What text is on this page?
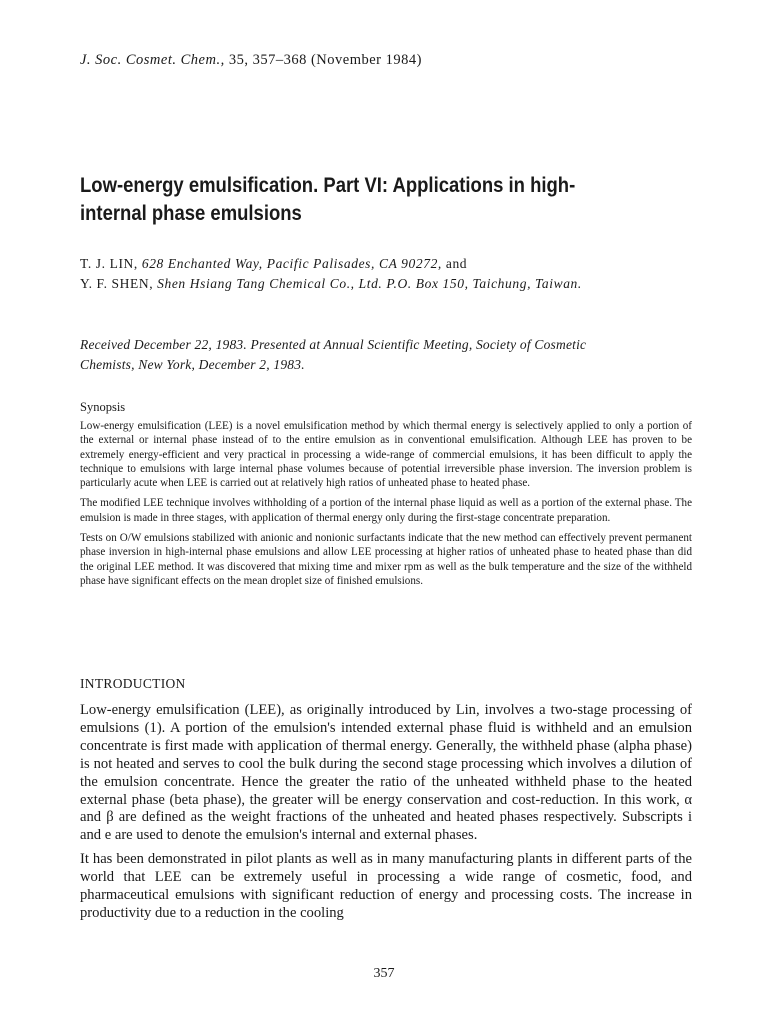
J. Soc. Cosmet. Chem., 35, 357–368 (November 1984)
Low-energy emulsification. Part VI: Applications in high-internal phase emulsions
T. J. LIN, 628 Enchanted Way, Pacific Palisades, CA 90272, and
Y. F. SHEN, Shen Hsiang Tang Chemical Co., Ltd. P.O. Box 150, Taichung, Taiwan.
Received December 22, 1983. Presented at Annual Scientific Meeting, Society of Cosmetic Chemists, New York, December 2, 1983.
Synopsis

Low-energy emulsification (LEE) is a novel emulsification method by which thermal energy is selectively applied to only a portion of the external or internal phase instead of to the entire emulsion as in conventional emulsification. Although LEE has proven to be extremely energy-efficient and very practical in processing a wide-range of commercial emulsions, it has been difficult to apply the technique to emulsions with large internal phase volumes because of potential irreversible phase inversion. The inversion problem is particularly acute when LEE is carried out at relatively high ratios of unheated phase to heated phase.

The modified LEE technique involves withholding of a portion of the internal phase liquid as well as a portion of the external phase. The emulsion is made in three stages, with application of thermal energy only during the first-stage concentrate preparation.

Tests on O/W emulsions stabilized with anionic and nonionic surfactants indicate that the new method can effectively prevent permanent phase inversion in high-internal phase emulsions and allow LEE processing at higher ratios of unheated phase to heated phase than did the original LEE method. It was discovered that mixing time and mixer rpm as well as the bulk temperature and the size of the withheld phase have significant effects on the mean droplet size of finished emulsions.

INTRODUCTION

Low-energy emulsification (LEE), as originally introduced by Lin, involves a two-stage processing of emulsions (1). A portion of the emulsion's intended external phase fluid is withheld and an emulsion concentrate is first made with application of thermal energy. Generally, the withheld phase (alpha phase) is not heated and serves to cool the bulk during the second stage processing which involves a dilution of the emulsion concentrate. Hence the greater the ratio of the unheated withheld phase to the heated external phase (beta phase), the greater will be energy conservation and cost-reduction. In this work, α and β are defined as the weight fractions of the unheated and heated phases respectively. Subscripts i and e are used to denote the emulsion's internal and external phases.

It has been demonstrated in pilot plants as well as in many manufacturing plants in different parts of the world that LEE can be extremely useful in processing a wide range of cosmetic, food, and pharmaceutical emulsions with significant reduction of energy and processing costs. The increase in productivity due to a reduction in the cooling

357
